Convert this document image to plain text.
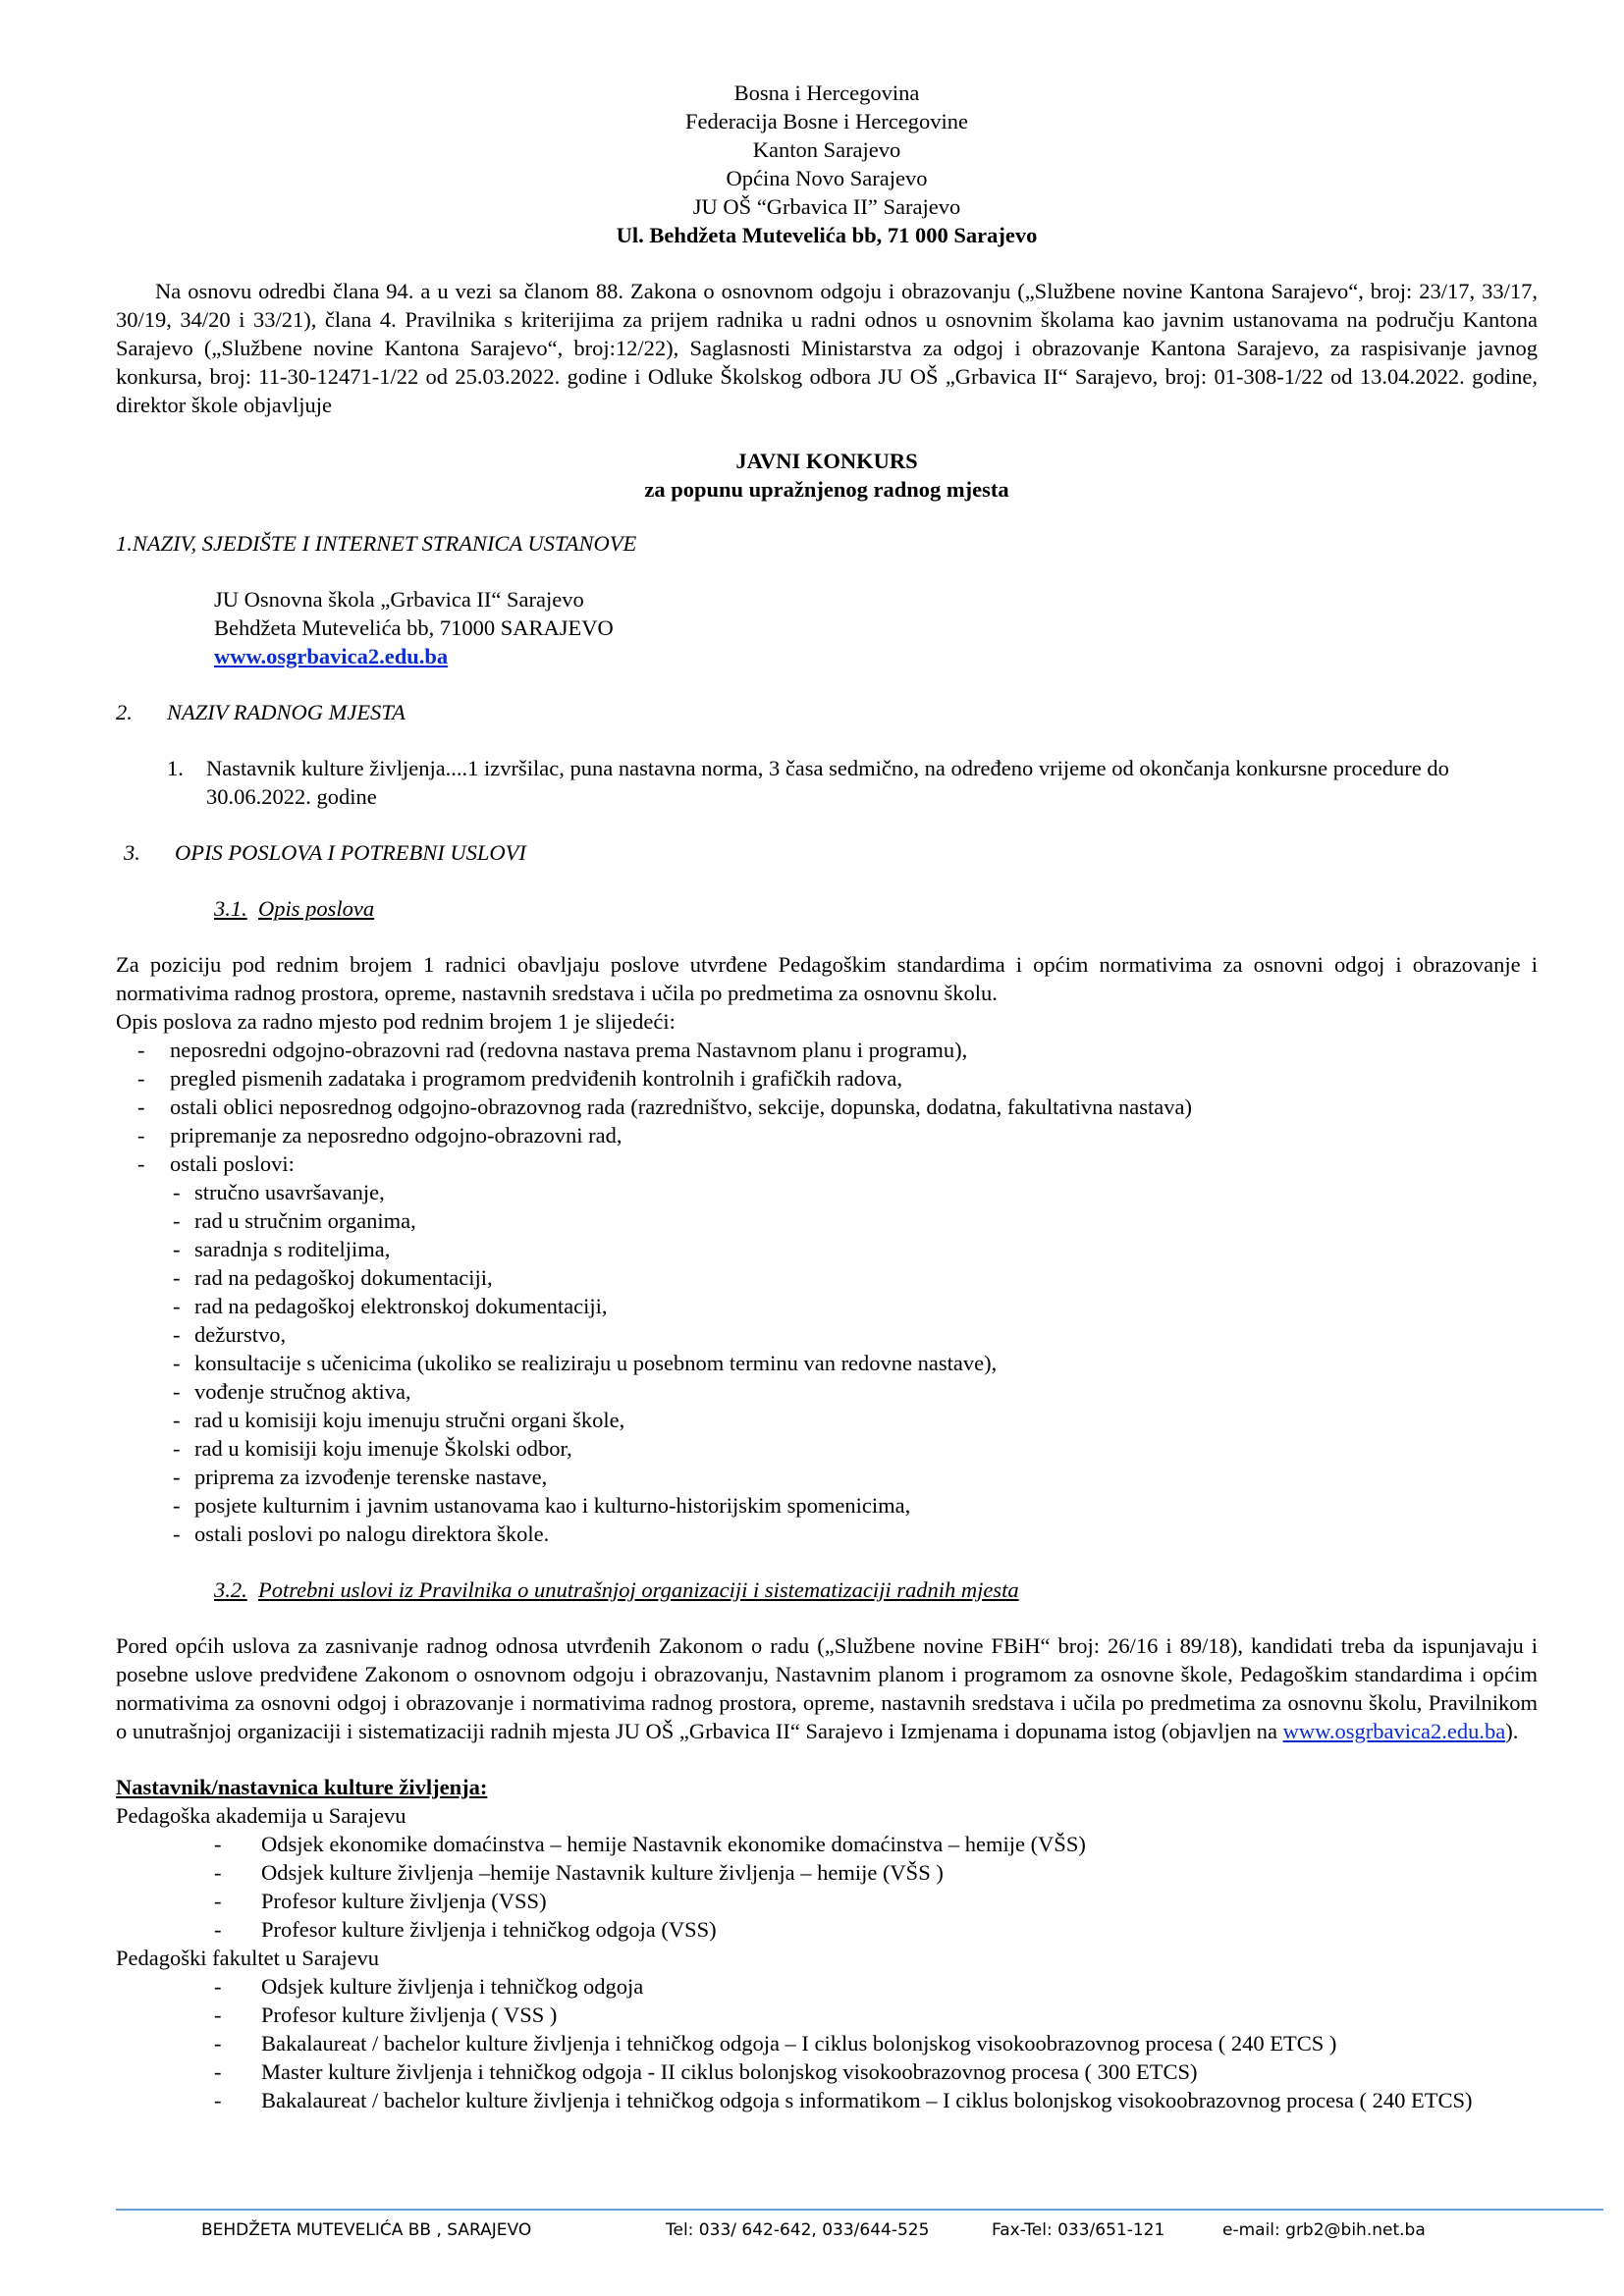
Bosna i Hercegovina

Federacija Bosne i Hercegovine

Kanton Sarajevo

Općina Novo Sarajevo

JU OŠ “Grbavica II” Sarajevo

Ul. Behdžeta Mutevelića bb, 71 000 Sarajevo

Na osnovu odredbi člana 94. a u vezi sa članom 88. Zakona o osnovnom odgoju i obrazovanju („Službene novine Kantona Sarajevo“, broj: 23/17, 33/17, 30/19, 34/20 i 33/21), člana 4. Pravilnika s kriterijima za prijem radnika u radni odnos u osnovnim školama kao javnim ustanovama na području Kantona Sarajevo („Službene novine Kantona Sarajevo“, broj:12/22), Saglasnosti Ministarstva za odgoj i obrazovanje Kantona Sarajevo, za raspisivanje javnog konkursa, broj: 11-30-12471-1/22 od 25.03.2022. godine i Odluke Školskog odbora JU OŠ „Grbavica II“ Sarajevo, broj: 01-308-1/22 od 13.04.2022. godine, direktor škole objavljuje

JAVNI KONKURS

za popunu upražnjenog radnog mjesta

1.NAZIV, SJEDIŠTE I INTERNET STRANICA USTANOVE

JU Osnovna škola „Grbavica II“ Sarajevo

Behdžeta Mutevelića bb, 71000 SARAJEVO

www.osgrbavica2.edu.ba

2. NAZIV RADNOG MJESTA

1.	Nastavnik kulture življenja....1 izvršilac, puna nastavna norma, 3 časa sedmično, na određeno vrijeme od okončanja konkursne procedure do 30.06.2022. godine

3. OPIS POSLOVA I POTREBNI USLOVI

3.1. Opis poslova

Za poziciju pod rednim brojem 1 radnici obavljaju poslove utvrđene Pedagoškim standardima i općim normativima za osnovni odgoj i obrazovanje i normativima radnog prostora, opreme, nastavnih sredstava i učila po predmetima za osnovnu školu.

Opis poslova za radno mjesto pod rednim brojem 1 je slijedeći:

-	neposredni odgojno-obrazovni rad (redovna nastava prema Nastavnom planu i programu),
-	pregled pismenih zadataka i programom predviđenih kontrolnih i grafičkih radova,
-	ostali oblici neposrednog odgojno-obrazovnog rada (razredništvo, sekcije, dopunska, dodatna, fakultativna nastava)
-	pripremanje za neposredno odgojno-obrazovni rad,
-	ostali poslovi:
- stručno usavršavanje,
- rad u stručnim organima,
- saradnja s roditeljima,
- rad na pedagoškoj dokumentaciji,
- rad na pedagoškoj elektronskoj dokumentaciji,
- dežurstvo,
- konsultacije s učenicima (ukoliko se realiziraju u posebnom terminu van redovne nastave),
- vođenje stručnog aktiva,
- rad u komisiji koju imenuju stručni organi škole,
- rad u komisiji koju imenuje Školski odbor,
- priprema za izvođenje terenske nastave,
- posjete kulturnim i javnim ustanovama kao i kulturno-historijskim spomenicima,
- ostali poslovi po nalogu direktora škole.

3.2. Potrebni uslovi iz Pravilnika o unutrašnjoj organizaciji i sistematizaciji radnih mjesta

Pored općih uslova za zasnivanje radnog odnosa utvrđenih Zakonom o radu („Službene novine FBiH“ broj: 26/16 i 89/18), kandidati treba da ispunjavaju i posebne uslove predviđene Zakonom o osnovnom odgoju i obrazovanju, Nastavnim planom i programom za osnovne škole, Pedagoškim standardima i općim normativima za osnovni odgoj i obrazovanje i normativima radnog prostora, opreme, nastavnih sredstava i učila po predmetima za osnovnu školu, Pravilnikom o unutrašnjoj organizaciji i sistematizaciji radnih mjesta JU OŠ „Grbavica II“ Sarajevo i Izmjenama i dopunama istog (objavljen na www.osgrbavica2.edu.ba).

Nastavnik/nastavnica kulture življenja:

Pedagoška akademija u Sarajevu

-	Odsjek ekonomike domaćinstva – hemije Nastavnik ekonomike domaćinstva – hemije (VŠS)
-	Odsjek kulture življenja –hemije Nastavnik kulture življenja – hemije (VŠS )
-	Profesor kulture življenja (VSS)
-	Profesor kulture življenja i tehničkog odgoja (VSS)

Pedagoški fakultet u Sarajevu

-	Odsjek kulture življenja i tehničkog odgoja
-	Profesor kulture življenja ( VSS )
-	Bakalaureat / bachelor kulture življenja i tehničkog odgoja – I ciklus bolonjskog visokoobrazovnog procesa ( 240 ETCS )
-	Master kulture življenja i tehničkog odgoja - II ciklus bolonjskog visokoobrazovnog procesa ( 300 ETCS)
-	Bakalaureat / bachelor kulture življenja i tehničkog odgoja s informatikom – I ciklus bolonjskog visokoobrazovnog procesa ( 240 ETCS)
BEHDŽETA MUTEVELIĆA BB , SARAJEVO	Tel: 033/ 642-642, 033/644-525	Fax-Tel: 033/651-121	e-mail: grb2@bih.net.ba
